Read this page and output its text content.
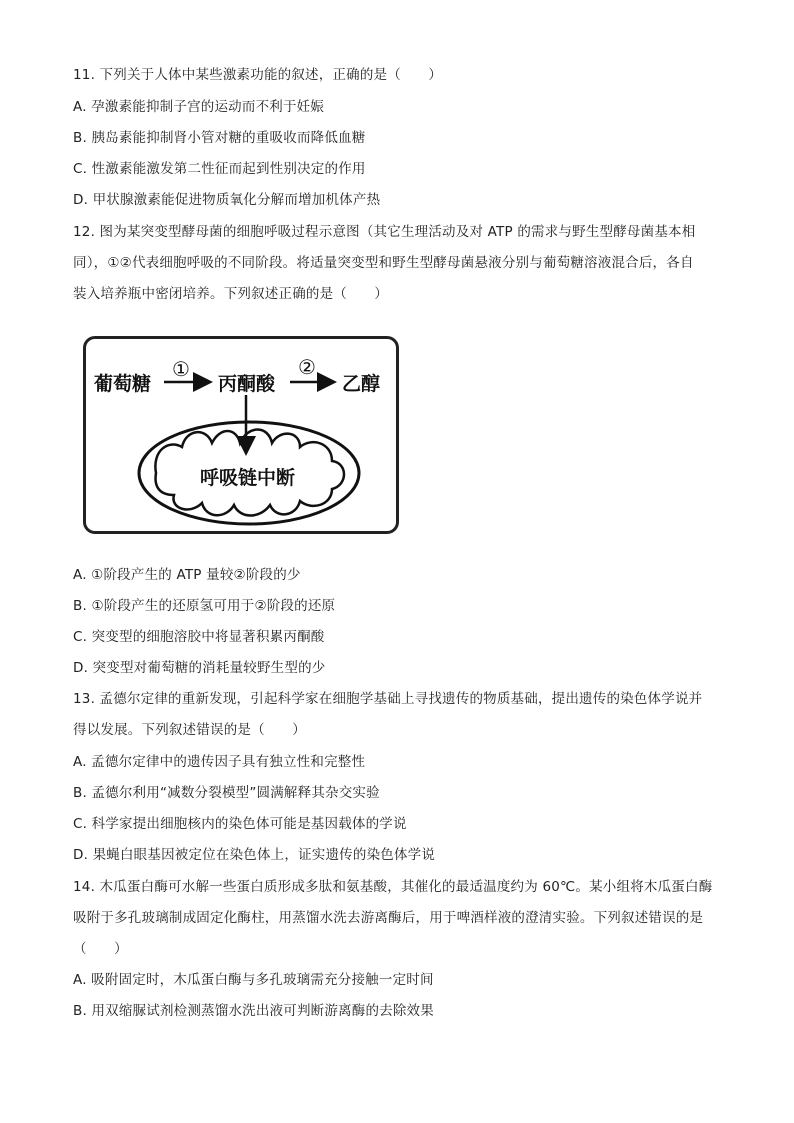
11. 下列关于人体中某些激素功能的叙述，正确的是（　　）
A. 孕激素能抑制子宫的运动而不利于妊娠
B. 胰岛素能抑制肾小管对糖的重吸收而降低血糖
C. 性激素能激发第二性征而起到性别决定的作用
D. 甲状腺激素能促进物质氧化分解而增加机体产热
12. 图为某突变型酵母菌的细胞呼吸过程示意图（其它生理活动及对 ATP 的需求与野生型酵母菌基本相
同），①②代表细胞呼吸的不同阶段。将适量突变型和野生型酵母菌悬液分别与葡萄糖溶液混合后，各自
装入培养瓶中密闭培养。下列叙述正确的是（　　）
葡萄糖
①
丙酮酸
②
乙醇
呼吸链中断
A. ①阶段产生的 ATP 量较②阶段的少
B. ①阶段产生的还原氢可用于②阶段的还原
C. 突变型的细胞溶胶中将显著积累丙酮酸
D. 突变型对葡萄糖的消耗量较野生型的少
13. 孟德尔定律的重新发现，引起科学家在细胞学基础上寻找遗传的物质基础，提出遗传的染色体学说并
得以发展。下列叙述错误的是（　　）
A. 孟德尔定律中的遗传因子具有独立性和完整性
B. 孟德尔利用“减数分裂模型”圆满解释其杂交实验
C. 科学家提出细胞核内的染色体可能是基因载体的学说
D. 果蝇白眼基因被定位在染色体上，证实遗传的染色体学说
14. 木瓜蛋白酶可水解一些蛋白质形成多肽和氨基酸，其催化的最适温度约为 60℃。某小组将木瓜蛋白酶
吸附于多孔玻璃制成固定化酶柱，用蒸馏水洗去游离酶后，用于啤酒样液的澄清实验。下列叙述错误的是
（　　）
A. 吸附固定时，木瓜蛋白酶与多孔玻璃需充分接触一定时间
B. 用双缩脲试剂检测蒸馏水洗出液可判断游离酶的去除效果
